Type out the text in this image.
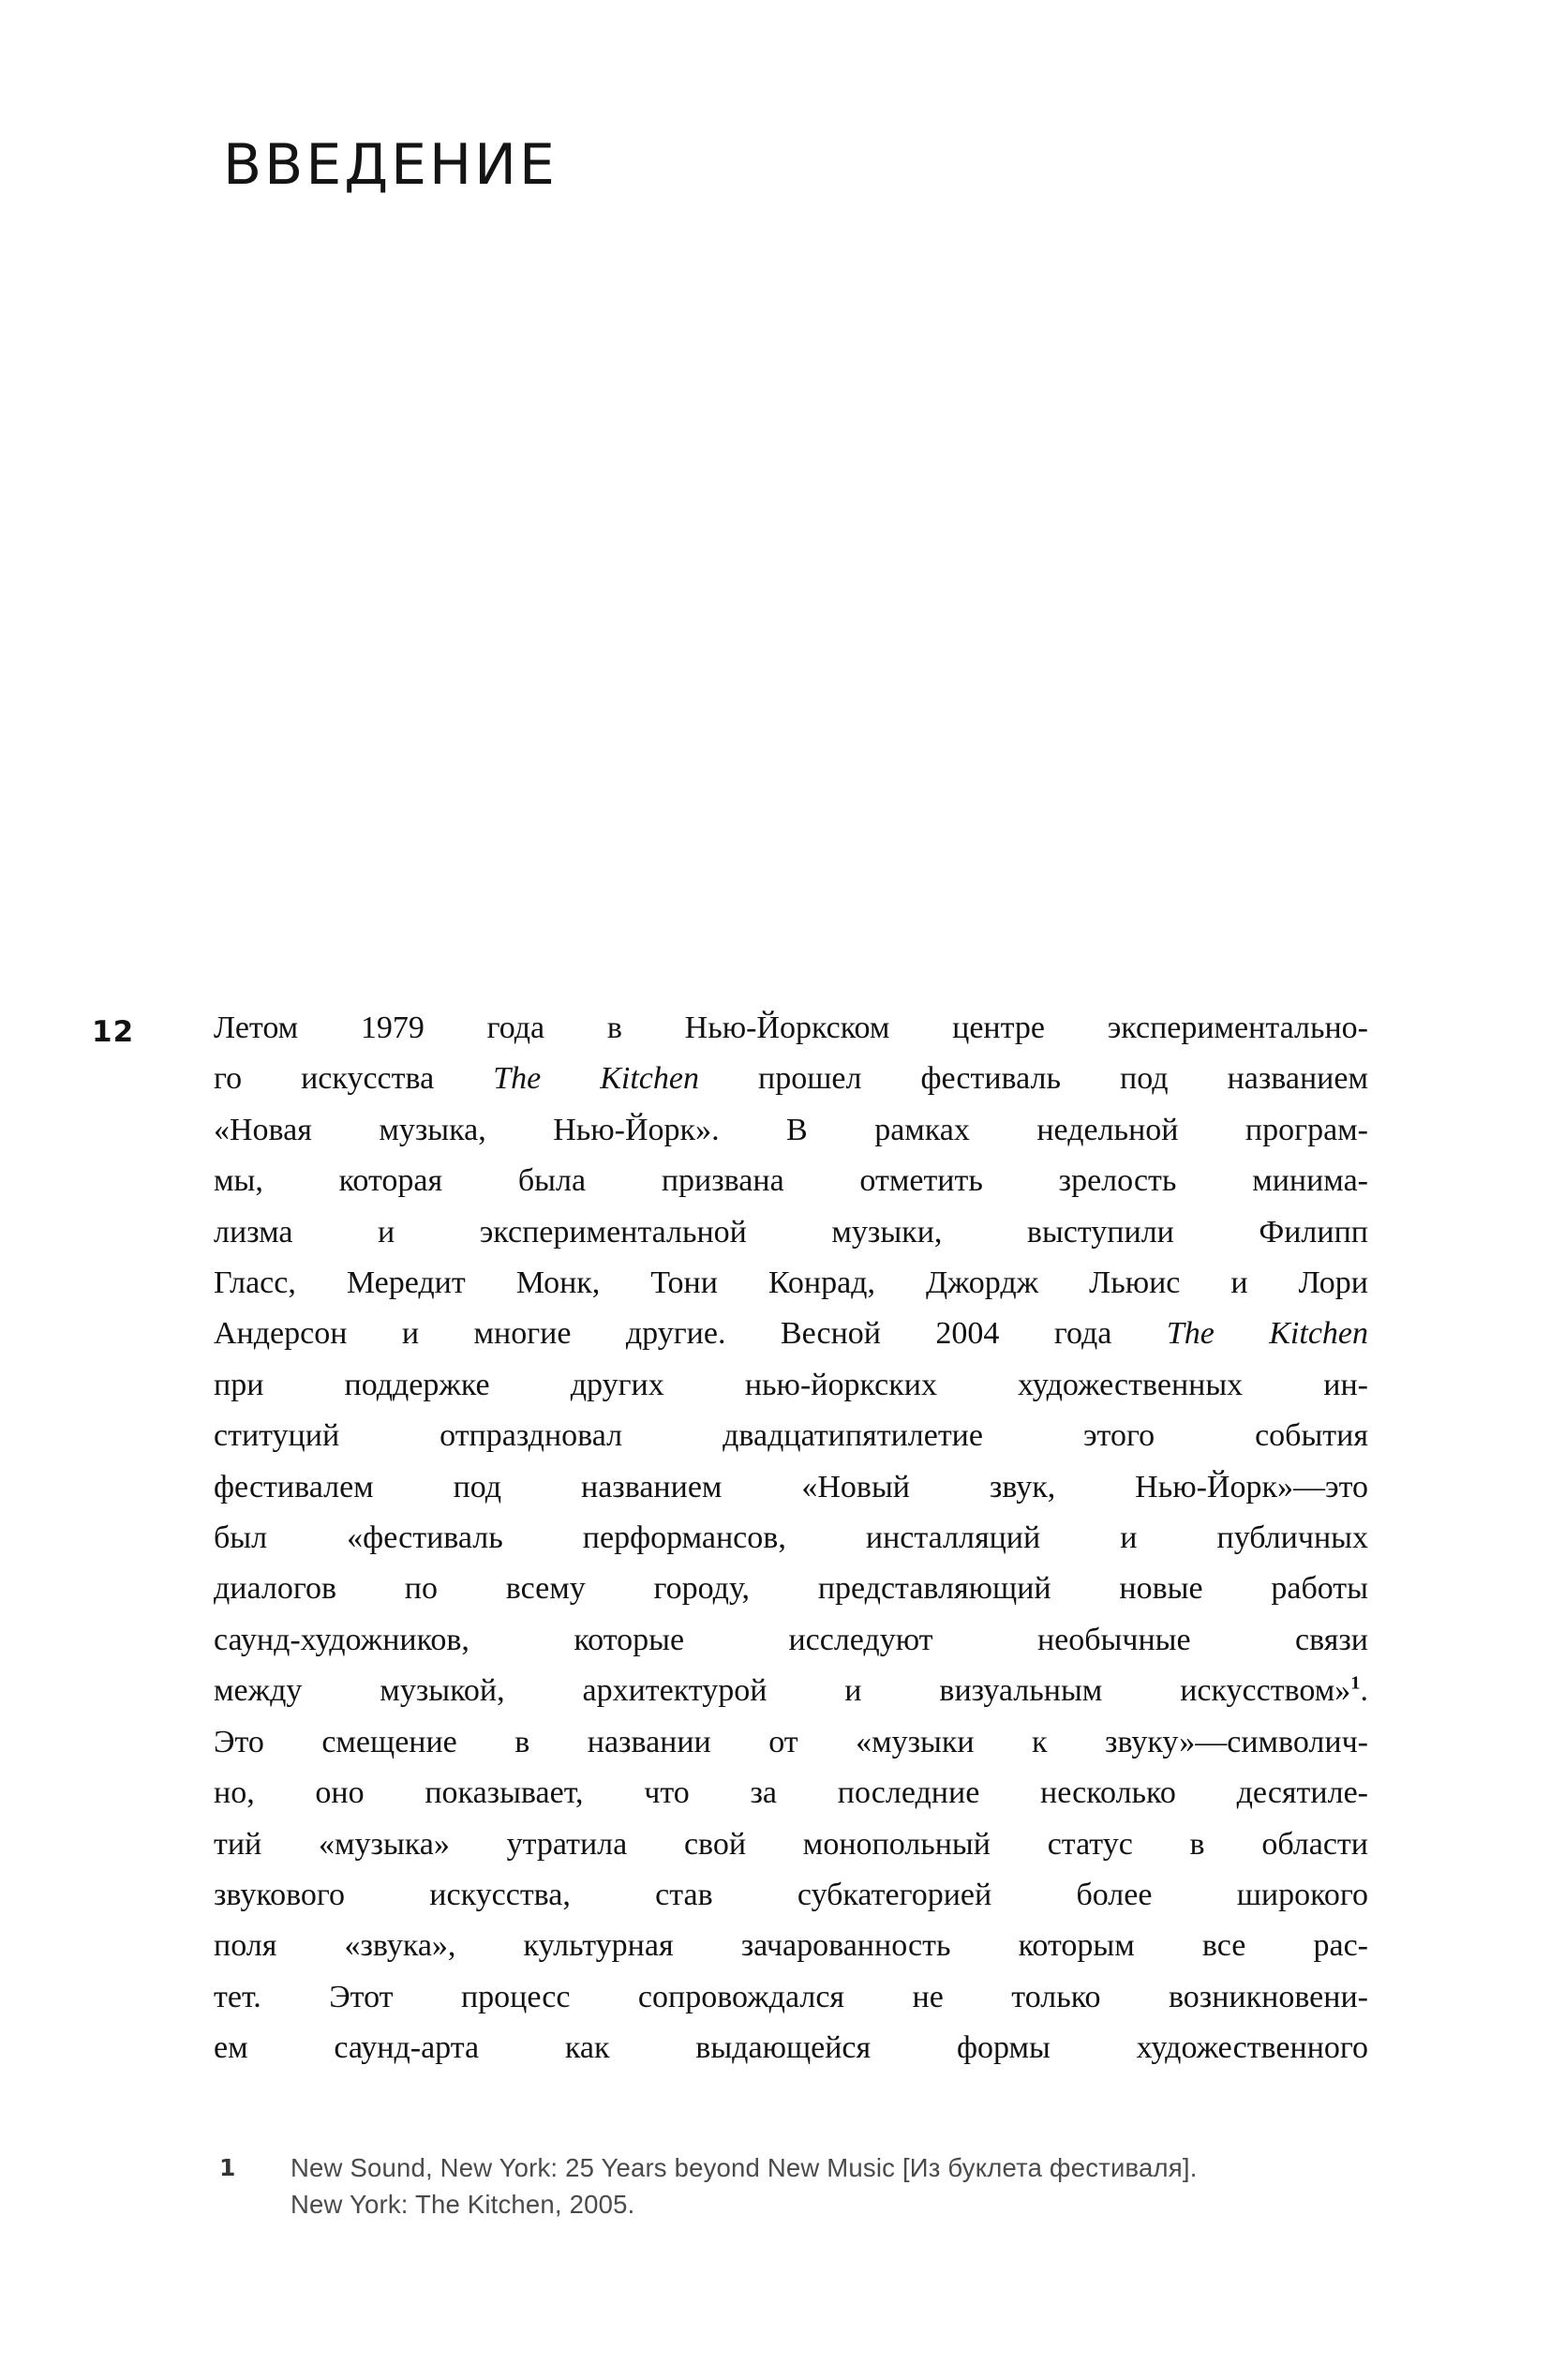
ВВЕДЕНИЕ
12 Летом 1979 года в Нью-Йоркском центре экспериментально-
го искусства The Kitchen прошел фестиваль под названием
«Новая музыка, Нью-Йорк». В рамках недельной програм-
мы, которая была призвана отметить зрелость минима-
лизма и экспериментальной музыки, выступили Филипп
Гласс, Мередит Монк, Тони Конрад, Джордж Льюис и Лори
Андерсон и многие другие. Весной 2004 года The Kitchen
при поддержке других нью-йоркских художественных ин-
ституций отпраздновал двадцатипятилетие этого события
фестивалем под названием «Новый звук, Нью-Йорк»—это
был «фестиваль перформансов, инсталляций и публичных
диалогов по всему городу, представляющий новые работы
саунд-художников, которые исследуют необычные связи
между музыкой, архитектурой и визуальным искусством»$^1$.
Это смещение в названии от «музыки к звуку»—символич-
но, оно показывает, что за последние несколько десятиле-
тий «музыка» утратила свой монопольный статус в области
звукового искусства, став субкатегорией более широкого
поля «звука», культурная зачарованность которым все рас-
тет. Этот процесс сопровождался не только возникновени-
ем саунд-арта как выдающейся формы художественного
1 New Sound, New York: 25 Years beyond New Music [Из буклета фестиваля].
New York: The Kitchen, 2005.
